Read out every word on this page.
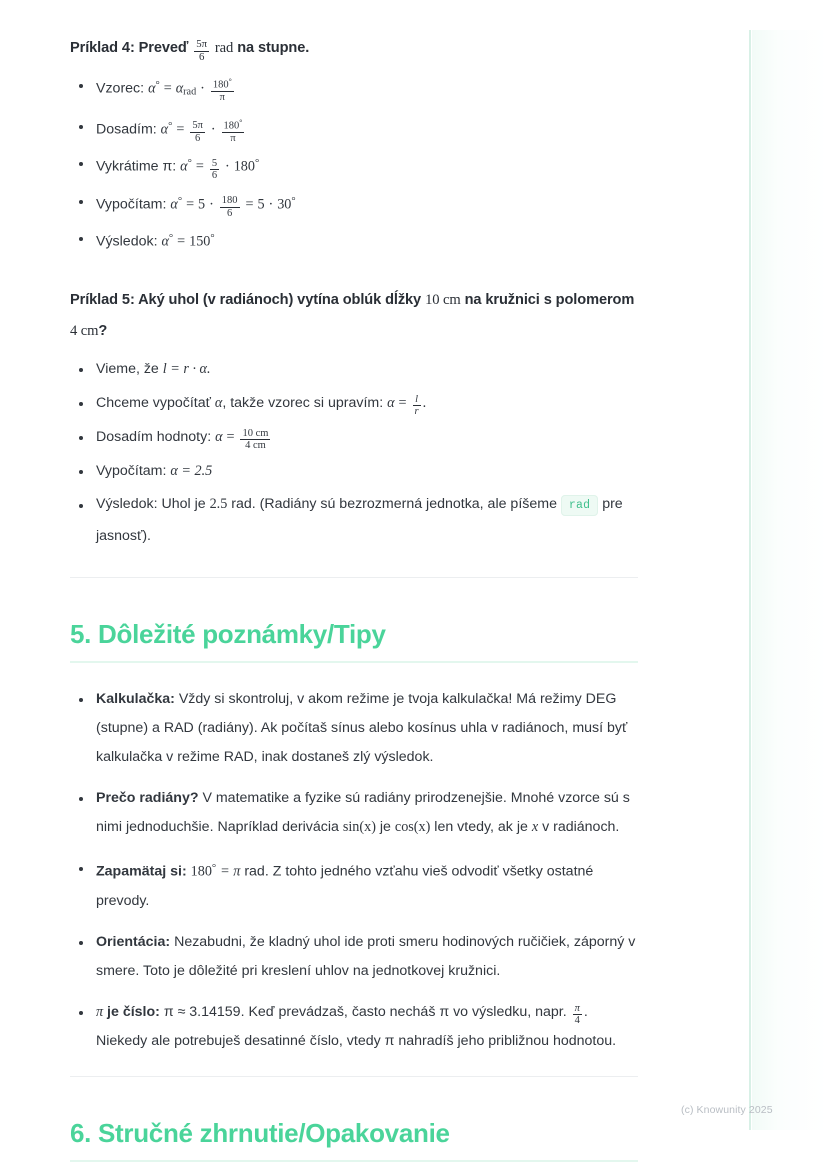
Príklad 4: Preveď $\frac{5\pi}{6}$ rad na stupne.

Vzorec: $\alpha^\circ = \alpha_{rad} \cdot \frac{180^\circ}{\pi}$
Dosadím: $\alpha^\circ = \frac{5\pi}{6} \cdot \frac{180^\circ}{\pi}$
Vykrátime π: $\alpha^\circ = \frac{5}{6} \cdot 180^\circ$
Vypočítam: $\alpha^\circ = 5 \cdot \frac{180}{6} = 5 \cdot 30^\circ$
Výsledok: α° = 150°

Príklad 5: Aký uhol (v radiánoch) vytína oblúk dĺžky 10 cm na kružnici s polomerom 4 cm?

Vieme, že l = r · α.
Chceme vypočítať α, takže vzorec si upravím: $\alpha = \frac{l}{r}$ .
Dosadím hodnoty: $\alpha = \frac{10 cm}{4 cm}$
Vypočítam: α = 2.5
Výsledok: Uhol je 2.5 rad. (Radiány sú bezrozmerná jednotka, ale píšeme rad pre jasnosť).
5. Dôležité poznámky/Tipy
Kalkulačka: Vždy si skontroluj, v akom režime je tvoja kalkulačka! Má režimy DEG (stupne) a RAD (radiány). Ak počítaš sínus alebo kosínus uhla v radiánoch, musí byť kalkulačka v režime RAD, inak dostaneš zlý výsledok.
Prečo radiány? V matematike a fyzike sú radiány prirodzenejšie. Mnohé vzorce sú s nimi jednoduchšie. Napríklad derivácia sin(x) je cos(x) len vtedy, ak je x v radiánoch.
Zapamätaj si: 180° = π rad. Z tohto jedného vzťahu vieš odvodiť všetky ostatné prevody.
Orientácia: Nezabudni, že kladný uhol ide proti smeru hodinových ručičiek, záporný v smere. Toto je dôležité pri kreslení uhlov na jednotkovej kružnici.
π je číslo: π ≈ 3.14159. Keď prevádzaš, často necháš π vo výsledku, napr. $\frac{\pi}{4}$ . Niekedy ale potrebuješ desatinné číslo, vtedy π nahradíš jeho približnou hodnotou.
6. Stručné zhrnutie/Opakovanie
(c) Knowunity 2025
